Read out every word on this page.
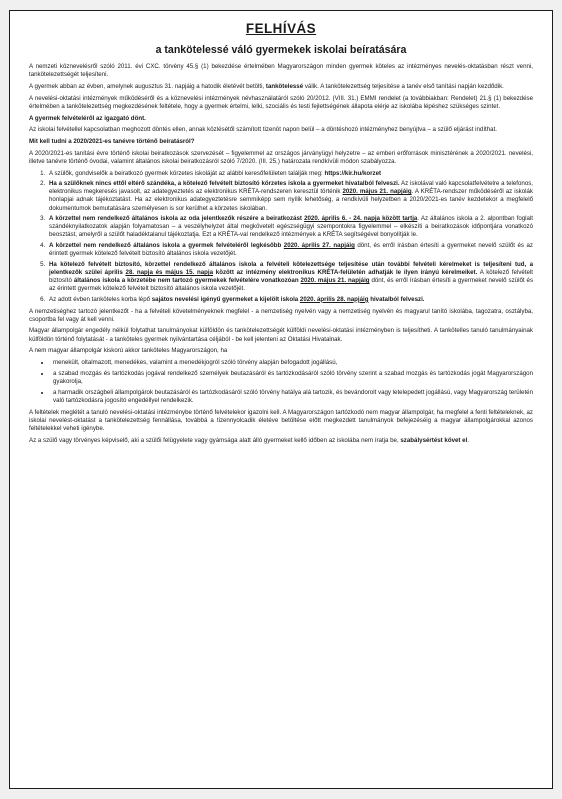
FELHÍVÁS
a tankötelessé váló gyermekek iskolai beíratására

A nemzeti köznevelésről szóló 2011. évi CXC. törvény 45.§ (1) bekezdése értelmében Magyarországon minden gyermek köteles az intézményes nevelés-oktatásban részt venni, tankötelezettségét teljesíteni.

A gyermek abban az évben, amelynek augusztus 31. napjáig a hatodik életévét betölti, tankötelessé válik. A tankötelezettség teljesítése a tanév első tanítási napján kezdődik.

A nevelési-oktatási intézmények működéséről és a köznevelési intézmények névhasználatáról szóló 20/2012. (VIII. 31.) EMMI rendelet (a továbbiakban: Rendelet) 21.§ (1) bekezdése értelmében a tankötelezettség megkezdésének feltétele, hogy a gyermek értelmi, lelki, szociális és testi fejlettségének állapota elérje az iskolába lépéshez szükséges szintet.

A gyermek felvételéről az igazgató dönt.

Az iskolai felvétellel kapcsolatban meghozott döntés ellen, annak közlésétől számított tizenöt napon belül – a döntéshozó intézményhez benyújtva – a szülő eljárást indíthat.

Mit kell tudni a 2020/2021-es tanévre történő beíratásról?

A 2020/2021-es tanítási évre történő iskolai beiratkozások szervezését – figyelemmel az országos járványügyi helyzetre – az emberi erőforrások minisztérének a 2020/2021. nevelési, illetve tanévre történő óvodai, valamint általános iskolai beiratkozásról szóló 7/2020. (III. 25.) határozata rendkívüli módon szabályozza.

1. A szülők, gondviselők a beiratkozó gyermek körzetes iskoláját az alábbi keresőfelületen találják meg: https://kir.hu/korzet
2. Ha a szülőknek nincs ettől eltérő szándéka, a kötelező felvételt biztosító körzetes iskola a gyermeket hivatalból felveszi. Az iskolával való kapcsolatfelvételre a telefonos, elektronikus megkeresés javasolt, az adategyeztetés az elektronikus KRÉTA-rendszeren keresztül történik 2020. május 21. napjáig. A KRÉTA-rendszer működéséről az iskolák honlapjai adnak tájékoztatást. Ha az elektronikus adategyeztetésre semmiképp sem nyílik lehetőség, a rendkívüli helyzetben a 2020/2021-es tanév kezdetekor a megfelelő dokumentumok bemutatására személyesen is sor kerülhet a körzetes iskolában.
3. A körzettel nem rendelkező általános iskola az oda jelentkezők részére a beiratkozást 2020. április 6. - 24. napja között tartja. Az általános iskola a 2. alpontban foglalt szándéknyilatkozatok alapján folyamatosan – a veszélyhelyzet által megkövetelt egészségügyi szempontokra figyelemmel – elkészíti a beiratkozások időpontjára vonatkozó beosztást, amelyről a szülőt haladéktalanul tájékoztatja. Ezt a KRÉTA-val rendelkező intézmények a KRÉTA segítségével bonyolítják le.
4. A körzettel nem rendelkező általános iskola a gyermek felvételéről legkésőbb 2020. április 27. napjáig dönt, és erről írásban értesíti a gyermeket nevelő szülőt és az érintett gyermek kötelező felvételt biztosító általános iskola vezetőjét.
5. Ha kötelező felvételt biztosító, körzettel rendelkező általános iskola a felvételi kötelezettsége teljesítése után további felvételi kérelmeket is teljesíteni tud, a jelentkezők szülei április 28. napja és május 15. napja között az intézmény elektronikus KRÉTA-felületén adhatják le ilyen irányú kérelmeiket. A kötelező felvételt biztosító általános iskola a körzetébe nem tartozó gyermekek felvételére vonatkozóan 2020. május 21. napjáig dönt, és erről írásban értesíti a gyermeket nevelő szülőt és az érintett gyermek kötelező felvételt biztosító általános iskola vezetőjét.
6. Az adott évben tanköteles korba lépő sajátos nevelési igényű gyermeket a kijelölt iskola 2020. április 28. napjáig hivatalból felveszi.

A nemzetiséghez tartozó jelentkezőt - ha a felvételi követelményeknek megfelel - a nemzetiség nyelvén vagy a nemzetiség nyelvén és magyarul tanító iskolába, tagozatra, osztályba, csoportba fel vagy át kell venni.

Magyar állampolgár engedély nélkül folytathat tanulmányokat külföldön és tankötelezettségét külföldi nevelési-oktatási intézményben is teljesítheti. A tankötelles tanuló tanulmányainak külföldön történő folytatását - a tanköteles gyermek nyilvántartása céljából - be kell jelenteni az Oktatási Hivatalnak.

A nem magyar állampolgár kiskorú akkor tanköteles Magyarországon, ha

• menekült, oltalmazott, menedékes, valamint a menedékjogról szóló törvény alapján befogadott jogállású,
• a szabad mozgás és tartózkodás jogával rendelkező személyek beutazásáról és tartózkodásáról szóló törvény szerint a szabad mozgás és tartózkodás jogát Magyarországon gyakorolja,
• a harmadik országbeli állampolgárok beutazásáról és tartózkodásáról szóló törvény hatálya alá tartozik, és bevándorolt vagy letelepedett jogállású, vagy Magyarország területén való tartózkodásra jogosító engedéllyel rendelkezik.

A feltételek meglétét a tanuló nevelési-oktatási intézménybe történő felvételekor igazolni kell. A Magyarországon tartózkodó nem magyar állampolgár, ha megfelel a fenti feltételeknek, az iskolai nevelést-oktatást a tankötelezettség fennállása, továbbá a tizennyolcadik életéve betöltése előtt megkezdett tanulmányok befejezéséig a magyar állampolgárokkal azonos feltételekkel veheti igénybe.

Az a szülő vagy törvényes képviselő, aki a szülői felügyelete vagy gyámsága alatt álló gyermeket kellő időben az iskolába nem íratja be, szabálysértést követ el.
